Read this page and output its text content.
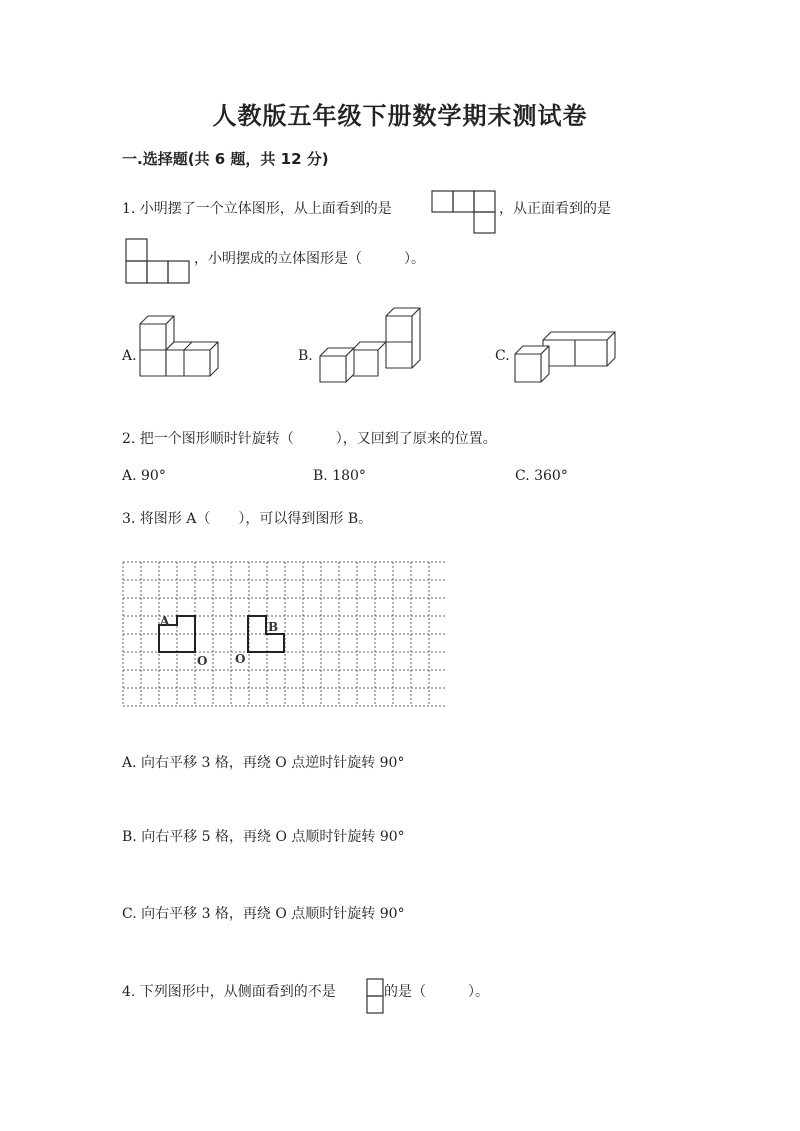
人教版五年级下册数学期末测试卷
一.选择题(共 6 题，共 12 分)
1. 小明摆了一个立体图形，从上面看到的是	，从正面看到的是
，小明摆成的立体图形是（　　　）。
A.	B.	C.
2. 把一个图形顺时针旋转（　　　），又回到了原来的位置。
A. 90°	B. 180°	C. 360°
3. 将图形 A（　　），可以得到图形 B。
A	B
O O
A. 向右平移 3 格，再绕 O 点逆时针旋转 90°
B. 向右平移 5 格，再绕 O 点顺时针旋转 90°
C. 向右平移 3 格，再绕 O 点顺时针旋转 90°
4. 下列图形中，从侧面看到的不是	的是（　　　）。
